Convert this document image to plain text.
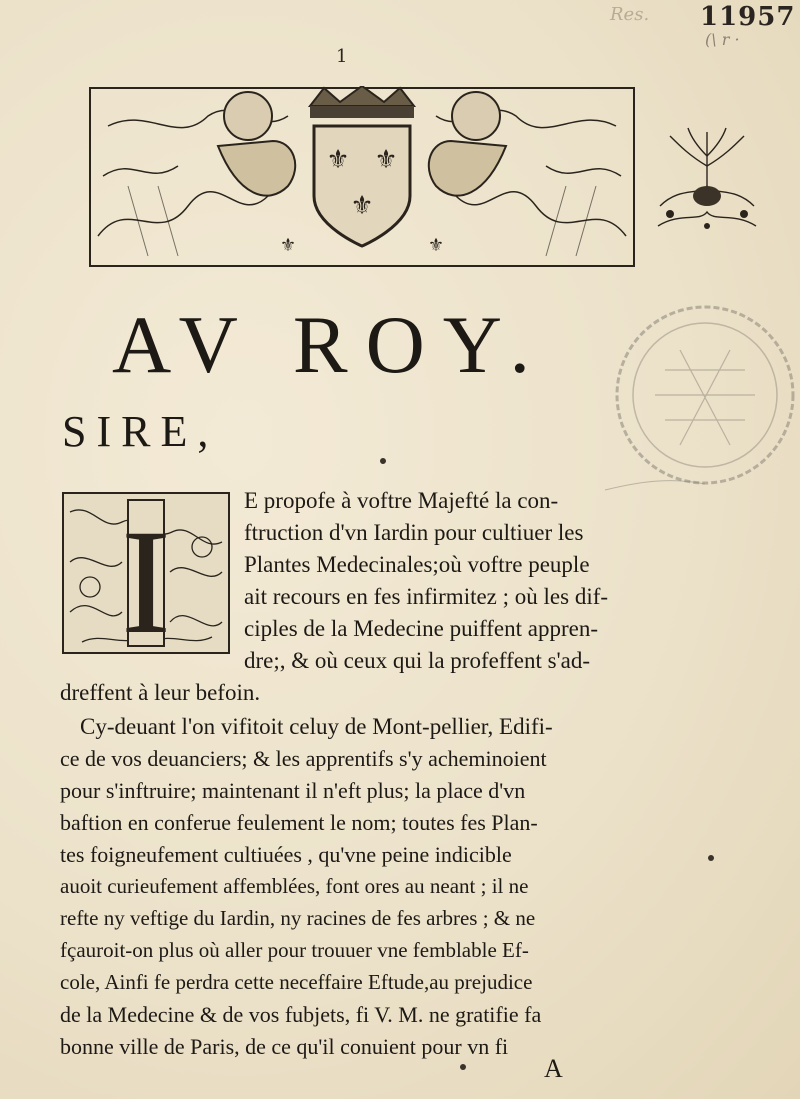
Res. 11957
(\ r ·
1
⚜ ⚜
⚜
⚜	⚜
AV ROY.
SIRE,
I	E propofe à voftre Majefté la con-
ftruction d'vn Iardin pour cultiuer les
Plantes Medecinales;où voftre peuple
ait recours en fes infirmitez ; où les dif-
ciples de la Medecine puiffent appren-
dre;, & où ceux qui la profeffent s'ad-
dreffent à leur befoin.
Cy-deuant l'on vifitoit celuy de Mont-pellier, Edifi-
ce de vos deuanciers; & les apprentifs s'y acheminoient
pour s'inftruire; maintenant il n'eft plus; la place d'vn
baftion en conferue feulement le nom; toutes fes Plan-
tes foigneufement cultiuées , qu'vne peine indicible
auoit curieufement affemblées, font ores au neant ; il ne
refte ny veftige du Iardin, ny racines de fes arbres ; & ne
fçauroit-on plus où aller pour trouuer vne femblable Ef-
cole, Ainfi fe perdra cette neceffaire Eftude,au prejudice
de la Medecine & de vos fubjets, fi V. M. ne gratifie fa
bonne ville de Paris, de ce qu'il conuient pour vn fi
A
